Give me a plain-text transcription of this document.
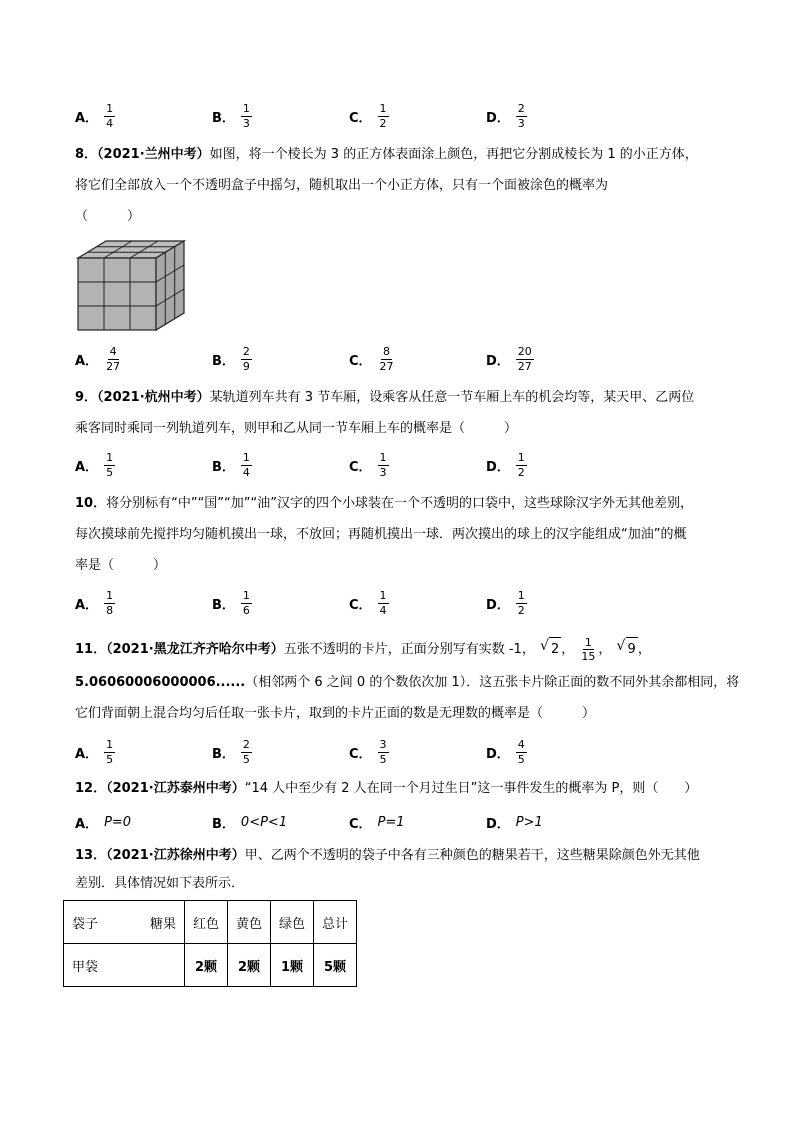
A． $\frac{1}{4}$	B． $\frac{1}{3}$	C． $\frac{1}{2}$	D． $\frac{2}{3}$
8．（2021·兰州中考）如图，将一个棱长为 3 的正方体表面涂上颜色，再把它分割成棱长为 1 的小正方体，
将它们全部放入一个不透明盒子中摇匀，随机取出一个小正方体，只有一个面被涂色的概率为
（　　　）
A． $\frac{4}{27}$	B． $\frac{2}{9}$	C． $\frac{8}{27}$	D． $\frac{20}{27}$
9．（2021·杭州中考）某轨道列车共有 3 节车厢，设乘客从任意一节车厢上车的机会均等，某天甲、乙两位
乘客同时乘同一列轨道列车，则甲和乙从同一节车厢上车的概率是（　　　）
A． $\frac{1}{5}$	B． $\frac{1}{4}$	C． $\frac{1}{3}$	D． $\frac{1}{2}$
10．将分别标有“中”“国”“加”“油”汉字的四个小球装在一个不透明的口袋中，这些球除汉字外无其他差别，
每次摸球前先搅拌均匀随机摸出一球，不放回；再随机摸出一球．两次摸出的球上的汉字能组成“加油”的概
率是（　　　）
A． $\frac{1}{8}$	B． $\frac{1}{6}$	C． $\frac{1}{4}$	D． $\frac{1}{2}$
11．（2021·黑龙江齐齐哈尔中考）五张不透明的卡片，正面分别写有实数 -1， √ 2 ， $\frac{1}{15}$ ， √ 9 ，
5.06060006000006......（相邻两个 6 之间 0 的个数依次加 1）．这五张卡片除正面的数不同外其余都相同，将
它们背面朝上混合均匀后任取一张卡片，取到的卡片正面的数是无理数的概率是（　　　）
A． $\frac{1}{5}$	B． $\frac{2}{5}$	C． $\frac{3}{5}$	D． $\frac{4}{5}$
12．（2021·江苏泰州中考）“14 人中至少有 2 人在同一个月过生日”这一事件发生的概率为 P，则（　　）
A． P=0	B． 0<P<1	C． P=1	D． P>1
13．（2021·江苏徐州中考）甲、乙两个不透明的袋子中各有三种颜色的糖果若干，这些糖果除颜色外无其他
差别．具体情况如下表所示．
袋子 糖果	红色	黄色	绿色	总计
甲袋	2颗	2颗	1颗	5颗
